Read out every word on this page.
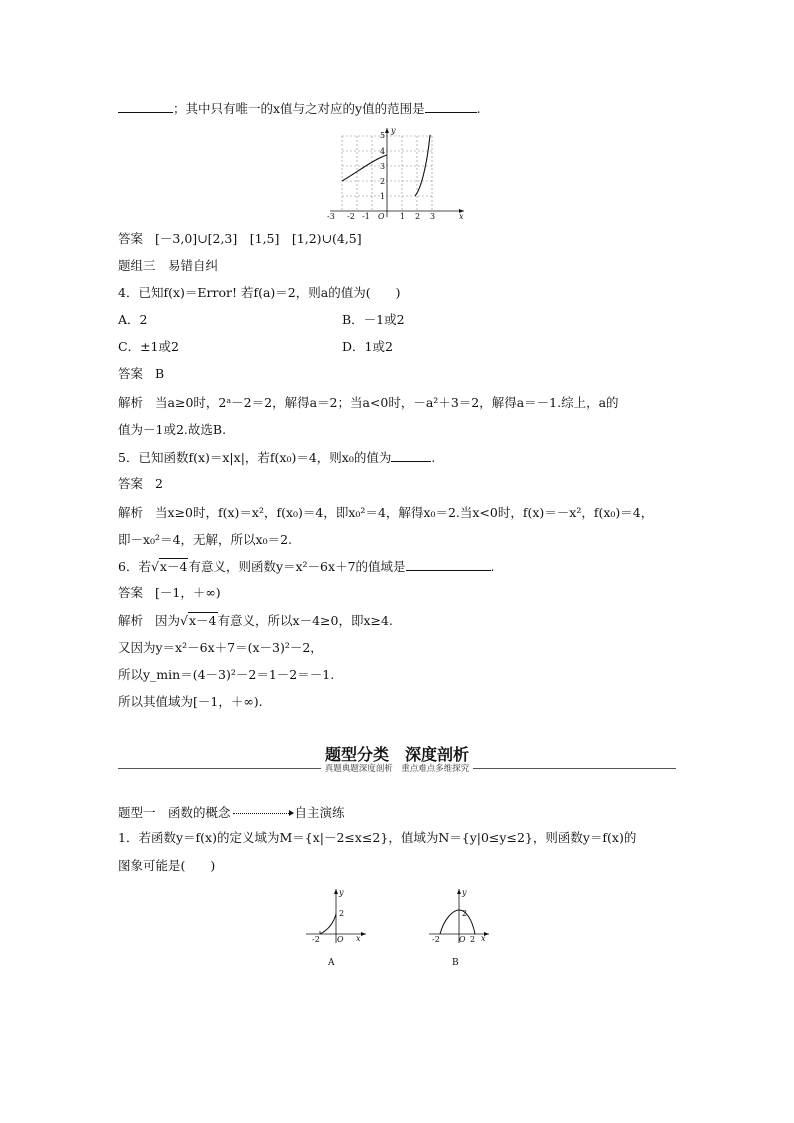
；其中只有唯一的x值与之对应的y值的范围是	.
1
2
3
4
5
y
-3 -2 -1 O 1 2 3	x
答案 [－3,0]∪[2,3]　[1,5]　[1,2)∪(4,5]
题组三　易错自纠
4．已知f(x)＝Error! 若f(a)＝2，则a的值为(　　)
A．2	B．－1或2
C．±1或2	D．1或2
答案 B
解析 当a≥0时，2ᵃ－2＝2，解得a＝2；当a<0时，－a²＋3＝2，解得a＝－1.综上，a的
值为－1或2.故选B.
5．已知函数f(x)＝x|x|，若f(x₀)＝4，则x₀的值为	.
答案 2
解析 当x≥0时，f(x)＝x²，f(x₀)＝4，即x₀²＝4，解得x₀＝2.当x<0时，f(x)＝－x²，f(x₀)＝4，
即－x₀²＝4，无解，所以x₀＝2.
6．若√x－4有意义，则函数y＝x²－6x＋7的值域是	.
答案 [－1，＋∞)
解析 因为√x－4有意义，所以x－4≥0，即x≥4.
又因为y＝x²－6x＋7＝(x－3)²－2，
所以y_min＝(4－3)²－2＝1－2＝－1.
所以其值域为[－1，＋∞).
题型分类　深度剖析
真题典题深度剖析　重点难点多维探究
题型一　函数的概念	自主演练
1．若函数y＝f(x)的定义域为M＝{x|－2≤x≤2}，值域为N＝{y|0≤y≤2}，则函数y＝f(x)的
图象可能是(　　)
2
-2 O x
y
A
2
-2 O 2 x
y
B
